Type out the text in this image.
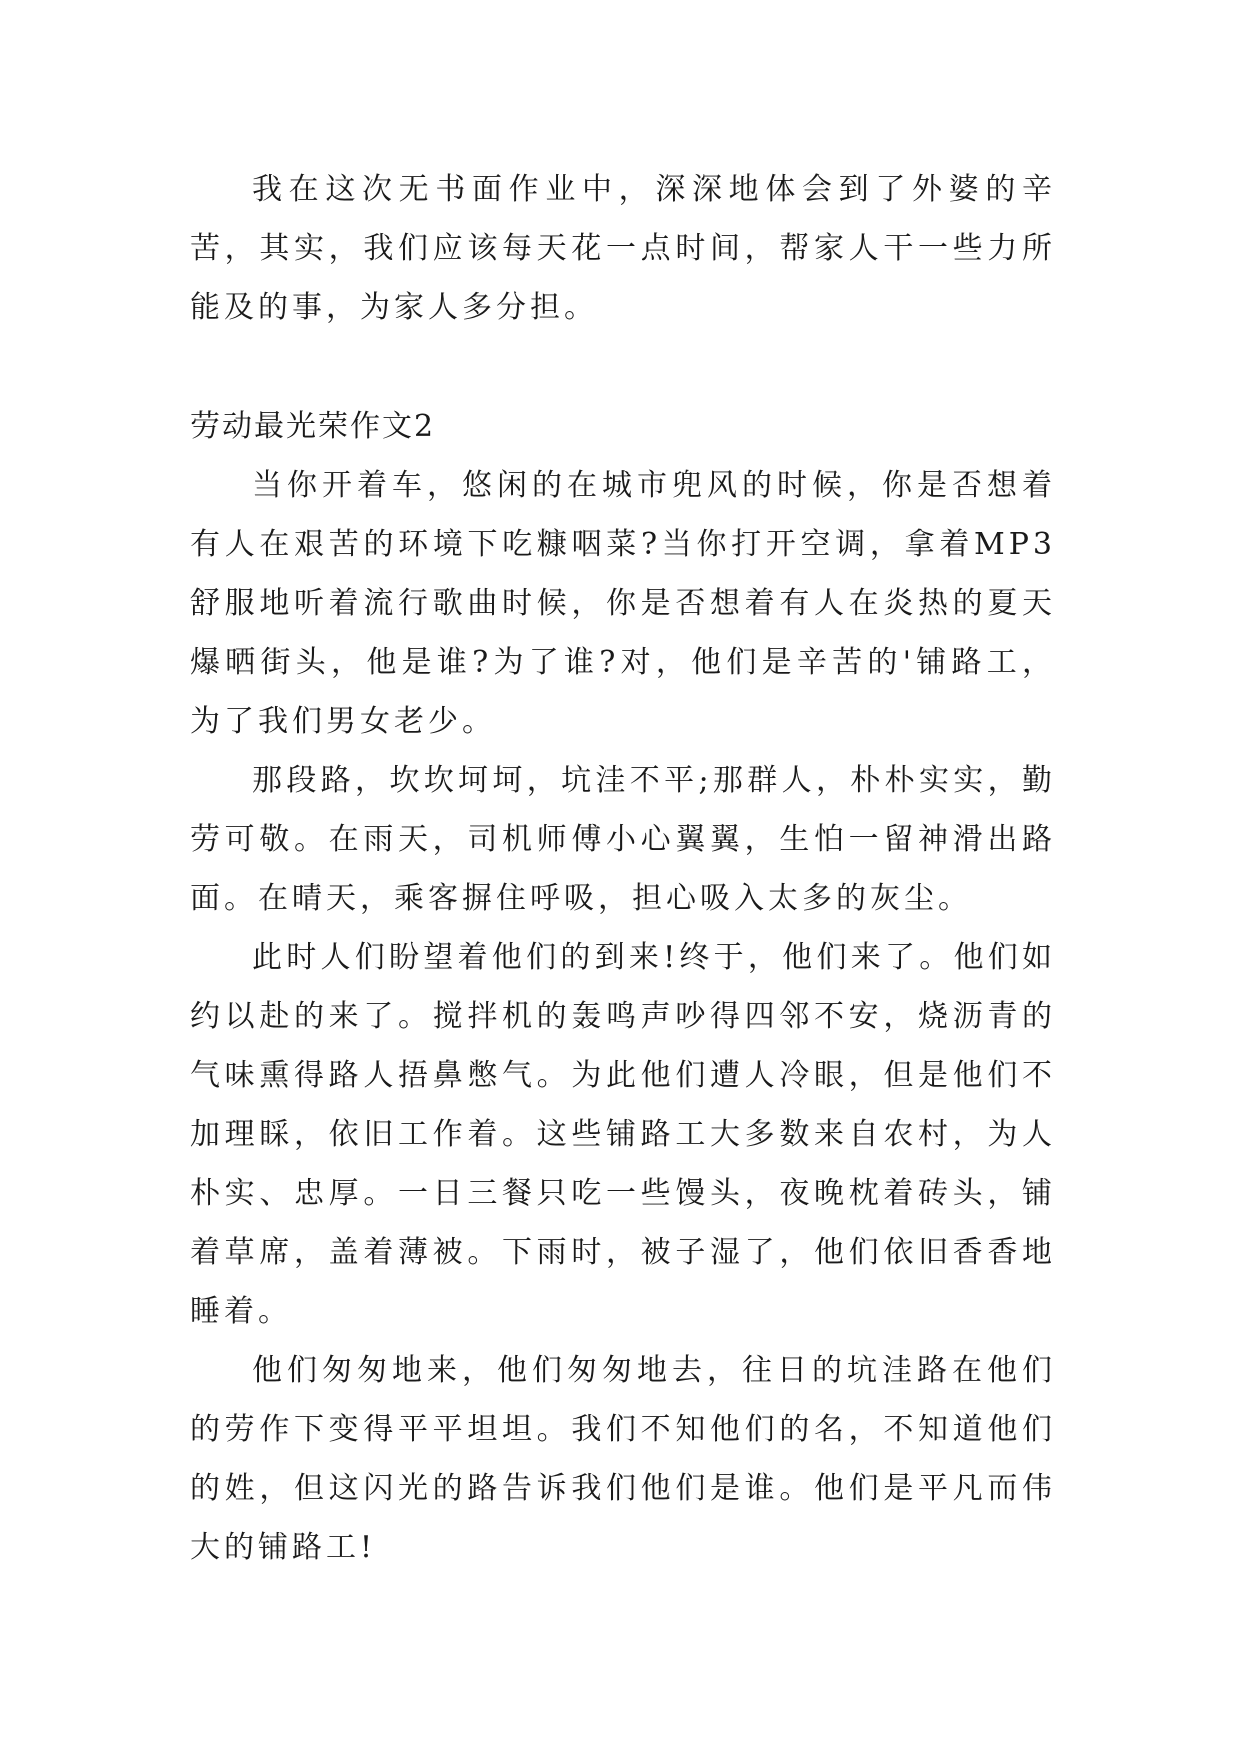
我在这次无书面作业中，深深地体会到了外婆的辛苦，其实，我们应该每天花一点时间，帮家人干一些力所能及的事，为家人多分担。

劳动最光荣作文2

当你开着车，悠闲的在城市兜风的时候，你是否想着有人在艰苦的环境下吃糠咽菜?当你打开空调，拿着MP3舒服地听着流行歌曲时候，你是否想着有人在炎热的夏天爆晒街头，他是谁?为了谁?对，他们是辛苦的'铺路工，为了我们男女老少。

那段路，坎坎坷坷，坑洼不平;那群人，朴朴实实，勤劳可敬。在雨天，司机师傅小心翼翼，生怕一留神滑出路面。在晴天，乘客摒住呼吸，担心吸入太多的灰尘。

此时人们盼望着他们的到来!终于，他们来了。他们如约以赴的来了。搅拌机的轰鸣声吵得四邻不安，烧沥青的气味熏得路人捂鼻憋气。为此他们遭人冷眼，但是他们不加理睬，依旧工作着。这些铺路工大多数来自农村，为人朴实、忠厚。一日三餐只吃一些馒头，夜晚枕着砖头，铺着草席，盖着薄被。下雨时，被子湿了，他们依旧香香地睡着。

他们匆匆地来，他们匆匆地去，往日的坑洼路在他们的劳作下变得平平坦坦。我们不知他们的名，不知道他们的姓，但这闪光的路告诉我们他们是谁。他们是平凡而伟大的铺路工!
